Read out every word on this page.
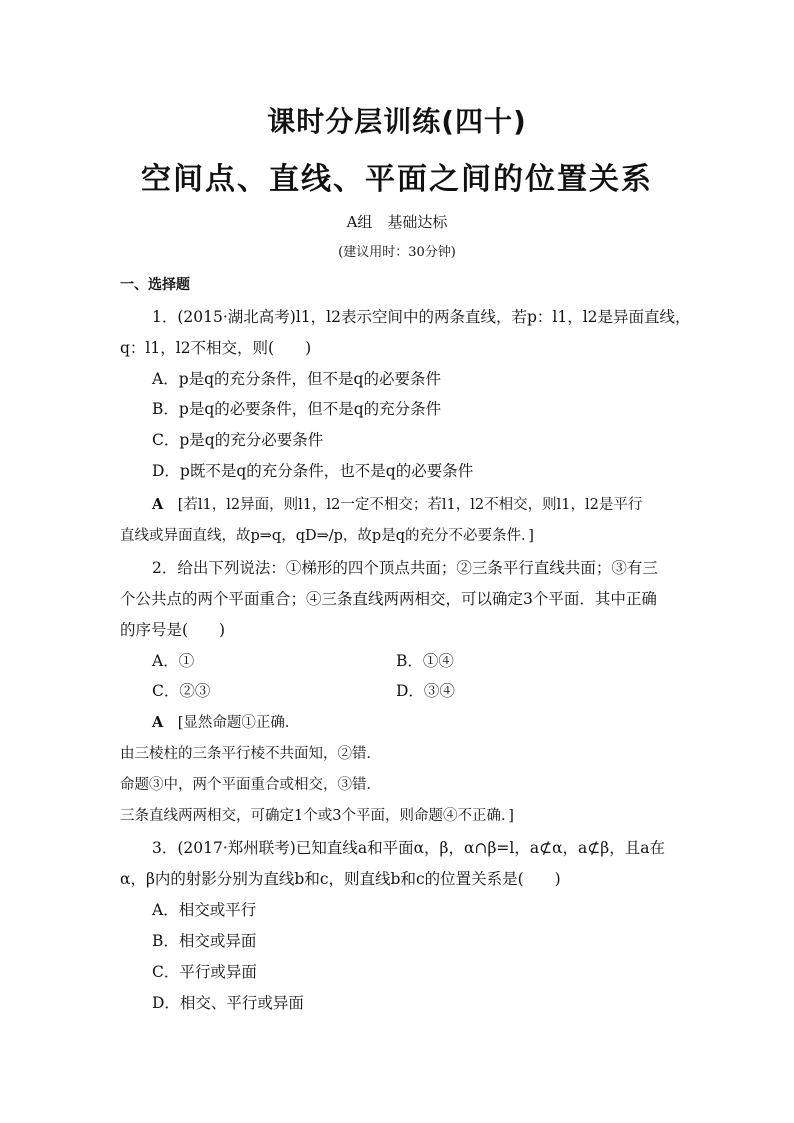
课时分层训练(四十)
空间点、直线、平面之间的位置关系
A组　基础达标
(建议用时：30分钟)
一、选择题
1．(2015·湖北高考)l1，l2表示空间中的两条直线，若p：l1，l2是异面直线，
q：l1，l2不相交，则(　　)
A．p是q的充分条件，但不是q的必要条件
B．p是q的必要条件，但不是q的充分条件
C．p是q的充分必要条件
D．p既不是q的充分条件，也不是q的必要条件
A　 [若l1，l2异面，则l1，l2一定不相交；若l1，l2不相交，则l1，l2是平行
直线或异面直线，故p⇒q，qD⇒/p，故p是q的充分不必要条件．]
2．给出下列说法：①梯形的四个顶点共面；②三条平行直线共面；③有三
个公共点的两个平面重合；④三条直线两两相交，可以确定3个平面．其中正确
的序号是(　　)
A．①	B．①④
C．②③	D．③④
A　 [显然命题①正确．
由三棱柱的三条平行棱不共面知，②错．
命题③中，两个平面重合或相交，③错．
三条直线两两相交，可确定1个或3个平面，则命题④不正确．]
3．(2017·郑州联考)已知直线a和平面α，β，α∩β=l，a⊄α，a⊄β，且a在
α，β内的射影分别为直线b和c，则直线b和c的位置关系是(　　)
A．相交或平行
B．相交或异面
C．平行或异面
D．相交、平行或异面
